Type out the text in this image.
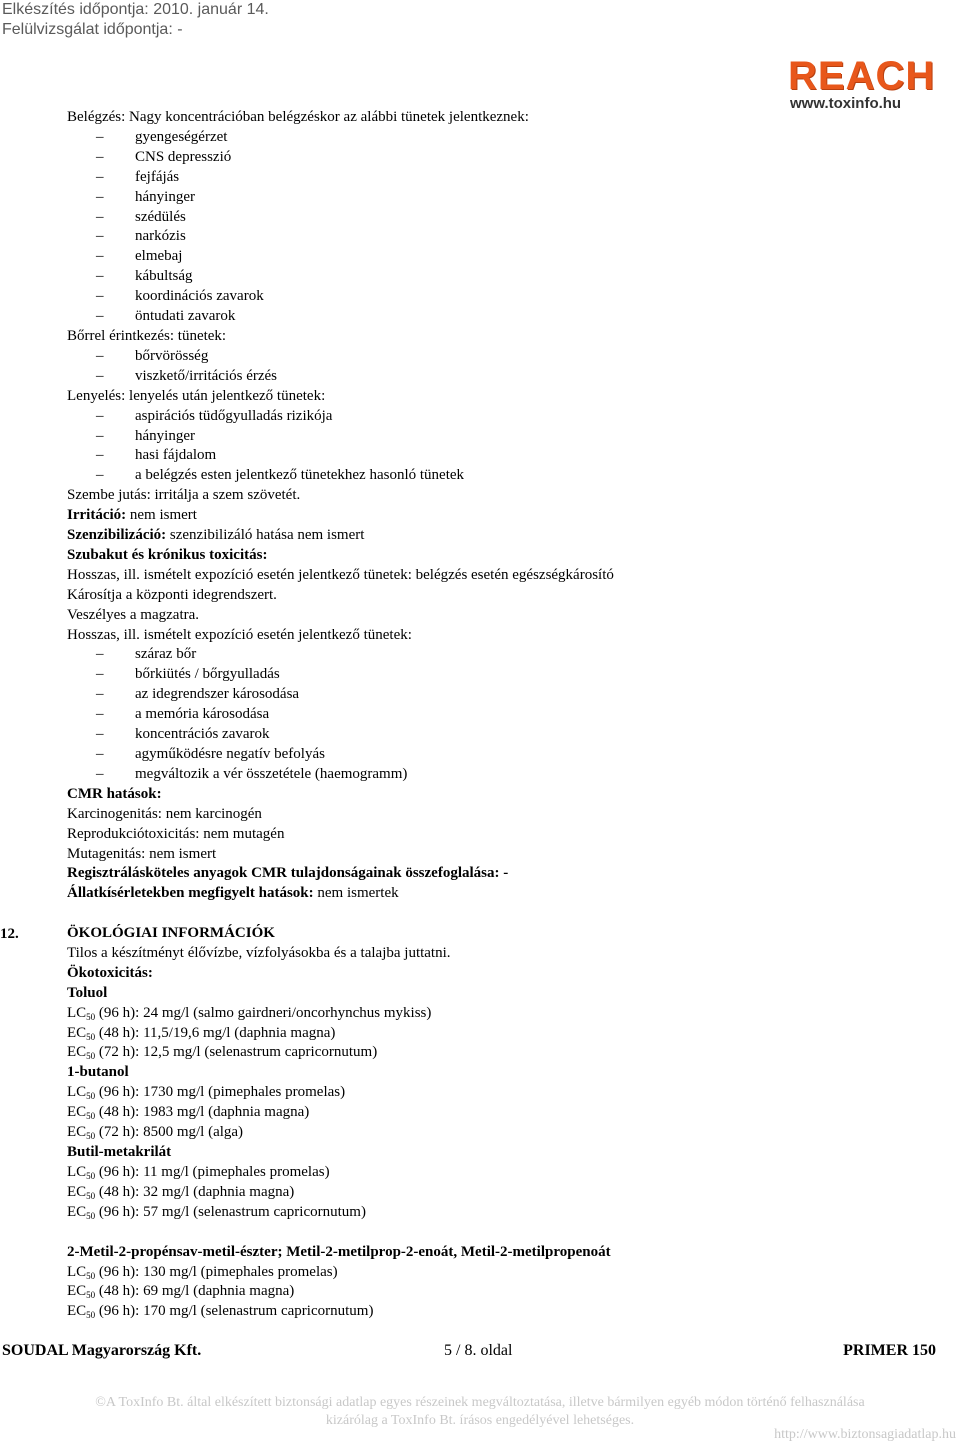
Elkészítés időpontja: 2010. január 14.
Felülvizsgálat időpontja: -
REACH
www.toxinfo.hu
Belégzés: Nagy koncentrációban belégzéskor az alábbi tünetek jelentkeznek:
– gyengeségérzet
– CNS depresszió
– fejfájás
– hányinger
– szédülés
– narkózis
– elmebaj
– kábultság
– koordinációs zavarok
– öntudati zavarok
Bőrrel érintkezés: tünetek:
– bőrvörösség
– viszkető/irritációs érzés
Lenyelés: lenyelés után jelentkező tünetek:
– aspirációs tüdőgyulladás rizikója
– hányinger
– hasi fájdalom
– a belégzés esten jelentkező tünetekhez hasonló tünetek
Szembe jutás: irritálja a szem szövetét.
Irritáció: nem ismert
Szenzibilizáció: szenzibilizáló hatása nem ismert
Szubakut és krónikus toxicitás:
Hosszas, ill. ismételt expozíció esetén jelentkező tünetek: belégzés esetén egészségkárosító
Károsítja a központi idegrendszert.
Veszélyes a magzatra.
Hosszas, ill. ismételt expozíció esetén jelentkező tünetek:
– száraz bőr
– bőrkiütés / bőrgyulladás
– az idegrendszer károsodása
– a memória károsodása
– koncentrációs zavarok
– agyműködésre negatív befolyás
– megváltozik a vér összetétele (haemogramm)
CMR hatások:
Karcinogenitás: nem karcinogén
Reprodukciótoxicitás: nem mutagén
Mutagenitás: nem ismert
Regisztrálásköteles anyagok CMR tulajdonságainak összefoglalása: -
Állatkísérletekben megfigyelt hatások: nem ismertek
12.	ÖKOLÓGIAI INFORMÁCIÓK
Tilos a készítményt élővízbe, vízfolyásokba és a talajba juttatni.
Ökotoxicitás:
Toluol
$LC_{50}$ (96 h): 24 mg/l (salmo gairdneri/oncorhynchus mykiss)
$EC_{50}$ (48 h): 11,5/19,6 mg/l (daphnia magna)
$EC_{50}$ (72 h): 12,5 mg/l (selenastrum capricornutum)
1-butanol
$LC_{50}$ (96 h): 1730 mg/l (pimephales promelas)
$EC_{50}$ (48 h): 1983 mg/l (daphnia magna)
$EC_{50}$ (72 h): 8500 mg/l (alga)
Butil-metakrilát
$LC_{50}$ (96 h): 11 mg/l (pimephales promelas)
$EC_{50}$ (48 h): 32 mg/l (daphnia magna)
$EC_{50}$ (96 h): 57 mg/l (selenastrum capricornutum)
2-Metil-2-propénsav-metil-észter; Metil-2-metilprop-2-enoát, Metil-2-metilpropenoát
$LC_{50}$ (96 h): 130 mg/l (pimephales promelas)
$EC_{50}$ (48 h): 69 mg/l (daphnia magna)
$EC_{50}$ (96 h): 170 mg/l (selenastrum capricornutum)
SOUDAL Magyarország Kft.	5 / 8. oldal	PRIMER 150
©A ToxInfo Bt. által elkészített biztonsági adatlap egyes részeinek megváltoztatása, illetve bármilyen egyéb módon történő felhasználása
kizárólag a ToxInfo Bt. írásos engedélyével lehetséges.
http://www.biztonsagiadatlap.hu
